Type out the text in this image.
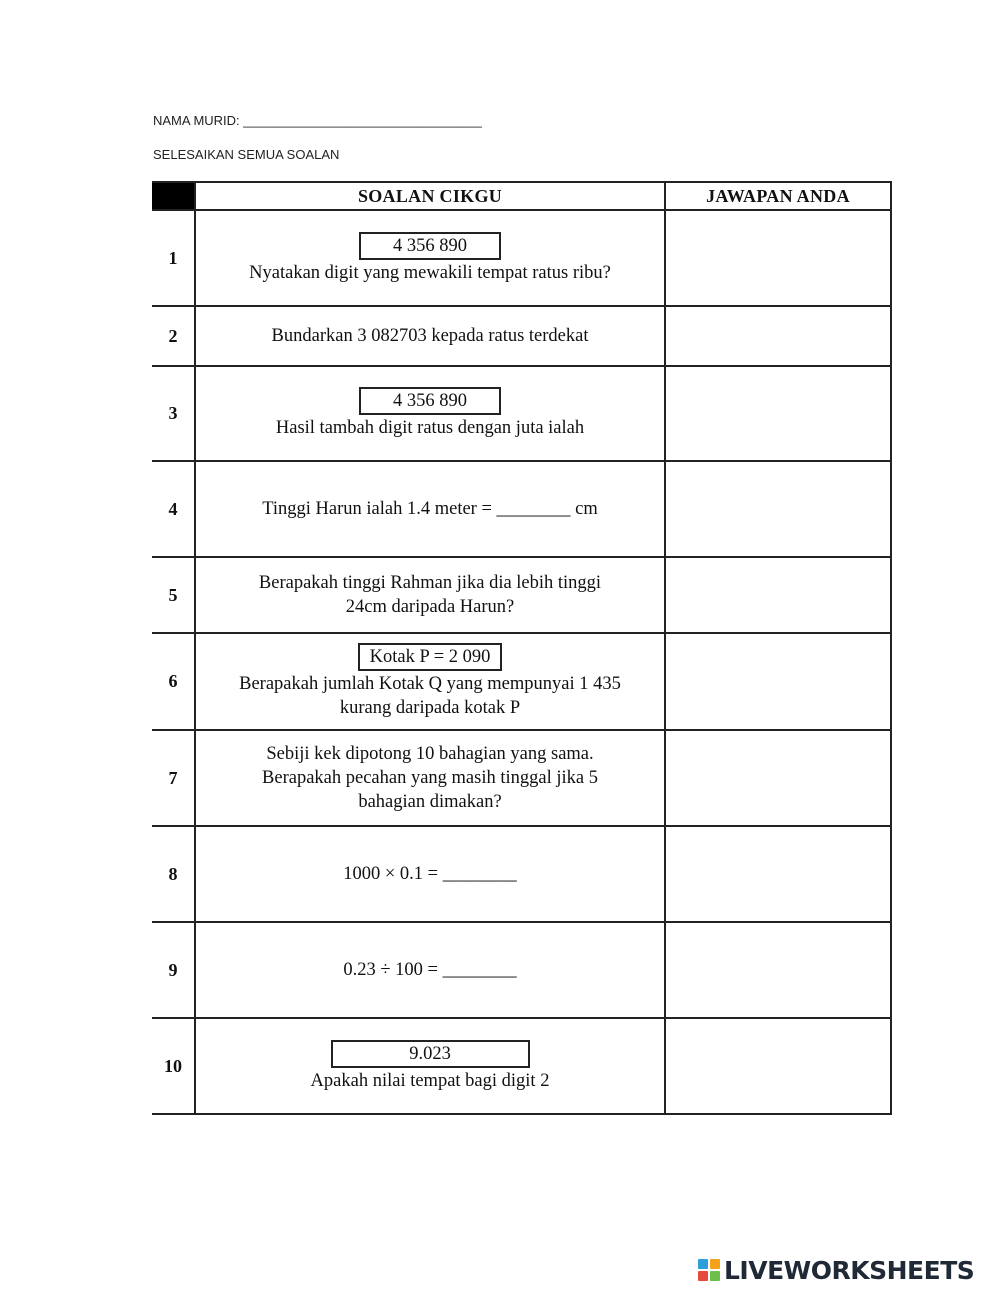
NAMA MURID: _________________________________
SELESAIKAN SEMUA SOALAN
	SOALAN CIKGU	JAWAPAN ANDA
1	4 356 890
Nyatakan digit yang mewakili tempat ratus ribu?	

2	Bundarkan 3 082703 kepada ratus terdekat	

3	4 356 890
Hasil tambah digit ratus dengan juta ialah	

4	Tinggi Harun ialah 1.4 meter = ________ cm	

5	Berapakah tinggi Rahman jika dia lebih tinggi
24cm daripada Harun?	

6	Kotak P = 2 090
Berapakah jumlah Kotak Q yang mempunyai 1 435
kurang daripada kotak P	

7	Sebiji kek dipotong 10 bahagian yang sama.
Berapakah pecahan yang masih tinggal jika 5
bahagian dimakan?	

8	1000 × 0.1 = ________	

9	0.23 ÷ 100 = ________	

10	9.023
Apakah nilai tempat bagi digit 2	

LIVEWORKSHEETS
